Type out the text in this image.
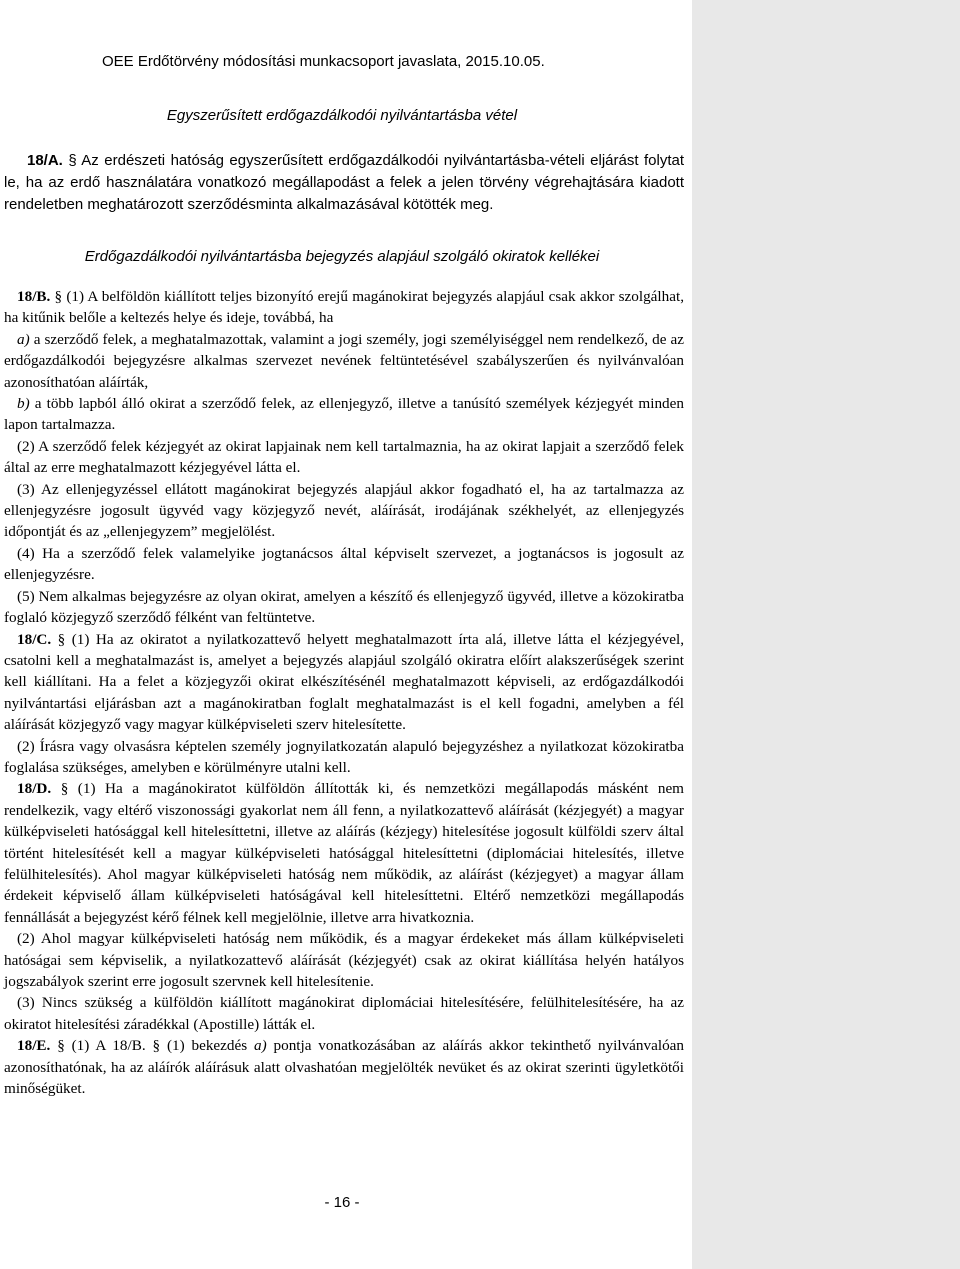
OEE Erdőtörvény módosítási munkacsoport javaslata, 2015.10.05.
Egyszerűsített erdőgazdálkodói nyilvántartásba vétel

18/A. § Az erdészeti hatóság egyszerűsített erdőgazdálkodói nyilvántartásba-vételi eljárást folytat le, ha az erdő használatára vonatkozó megállapodást a felek a jelen törvény végrehajtására kiadott rendeletben meghatározott szerződésminta alkalmazásával kötötték meg.

Erdőgazdálkodói nyilvántartásba bejegyzés alapjául szolgáló okiratok kellékei

18/B. § (1) A belföldön kiállított teljes bizonyító erejű magánokirat bejegyzés alapjául csak akkor szolgálhat, ha kitűnik belőle a keltezés helye és ideje, továbbá, ha

a) a szerződő felek, a meghatalmazottak, valamint a jogi személy, jogi személyiséggel nem rendelkező, de az erdőgazdálkodói bejegyzésre alkalmas szervezet nevének feltüntetésével szabályszerűen és nyilvánvalóan azonosíthatóan aláírták,

b) a több lapból álló okirat a szerződő felek, az ellenjegyző, illetve a tanúsító személyek kézjegyét minden lapon tartalmazza.

(2) A szerződő felek kézjegyét az okirat lapjainak nem kell tartalmaznia, ha az okirat lapjait a szerződő felek által az erre meghatalmazott kézjegyével látta el.

(3) Az ellenjegyzéssel ellátott magánokirat bejegyzés alapjául akkor fogadható el, ha az tartalmazza az ellenjegyzésre jogosult ügyvéd vagy közjegyző nevét, aláírását, irodájának székhelyét, az ellenjegyzés időpontját és az „ellenjegyzem” megjelölést.

(4) Ha a szerződő felek valamelyike jogtanácsos által képviselt szervezet, a jogtanácsos is jogosult az ellenjegyzésre.

(5) Nem alkalmas bejegyzésre az olyan okirat, amelyen a készítő és ellenjegyző ügyvéd, illetve a közokiratba foglaló közjegyző szerződő félként van feltüntetve.

18/C. § (1) Ha az okiratot a nyilatkozattevő helyett meghatalmazott írta alá, illetve látta el kézjegyével, csatolni kell a meghatalmazást is, amelyet a bejegyzés alapjául szolgáló okiratra előírt alakszerűségek szerint kell kiállítani. Ha a felet a közjegyzői okirat elkészítésénél meghatalmazott képviseli, az erdőgazdálkodói nyilvántartási eljárásban azt a magánokiratban foglalt meghatalmazást is el kell fogadni, amelyben a fél aláírását közjegyző vagy magyar külképviseleti szerv hitelesítette.

(2) Írásra vagy olvasásra képtelen személy jognyilatkozatán alapuló bejegyzéshez a nyilatkozat közokiratba foglalása szükséges, amelyben e körülményre utalni kell.

18/D. § (1) Ha a magánokiratot külföldön állították ki, és nemzetközi megállapodás másként nem rendelkezik, vagy eltérő viszonossági gyakorlat nem áll fenn, a nyilatkozattevő aláírását (kézjegyét) a magyar külképviseleti hatósággal kell hitelesíttetni, illetve az aláírás (kézjegy) hitelesítése jogosult külföldi szerv által történt hitelesítését kell a magyar külképviseleti hatósággal hitelesíttetni (diplomáciai hitelesítés, illetve felülhitelesítés). Ahol magyar külképviseleti hatóság nem működik, az aláírást (kézjegyet) a magyar állam érdekeit képviselő állam külképviseleti hatóságával kell hitelesíttetni. Eltérő nemzetközi megállapodás fennállását a bejegyzést kérő félnek kell megjelölnie, illetve arra hivatkoznia.

(2) Ahol magyar külképviseleti hatóság nem működik, és a magyar érdekeket más állam külképviseleti hatóságai sem képviselik, a nyilatkozattevő aláírását (kézjegyét) csak az okirat kiállítása helyén hatályos jogszabályok szerint erre jogosult szervnek kell hitelesítenie.

(3) Nincs szükség a külföldön kiállított magánokirat diplomáciai hitelesítésére, felülhitelesítésére, ha az okiratot hitelesítési záradékkal (Apostille) látták el.

18/E. § (1) A 18/B. § (1) bekezdés a) pontja vonatkozásában az aláírás akkor tekinthető nyilvánvalóan azonosíthatónak, ha az aláírók aláírásuk alatt olvashatóan megjelölték nevüket és az okirat szerinti ügyletkötői minőségüket.

- 16 -
